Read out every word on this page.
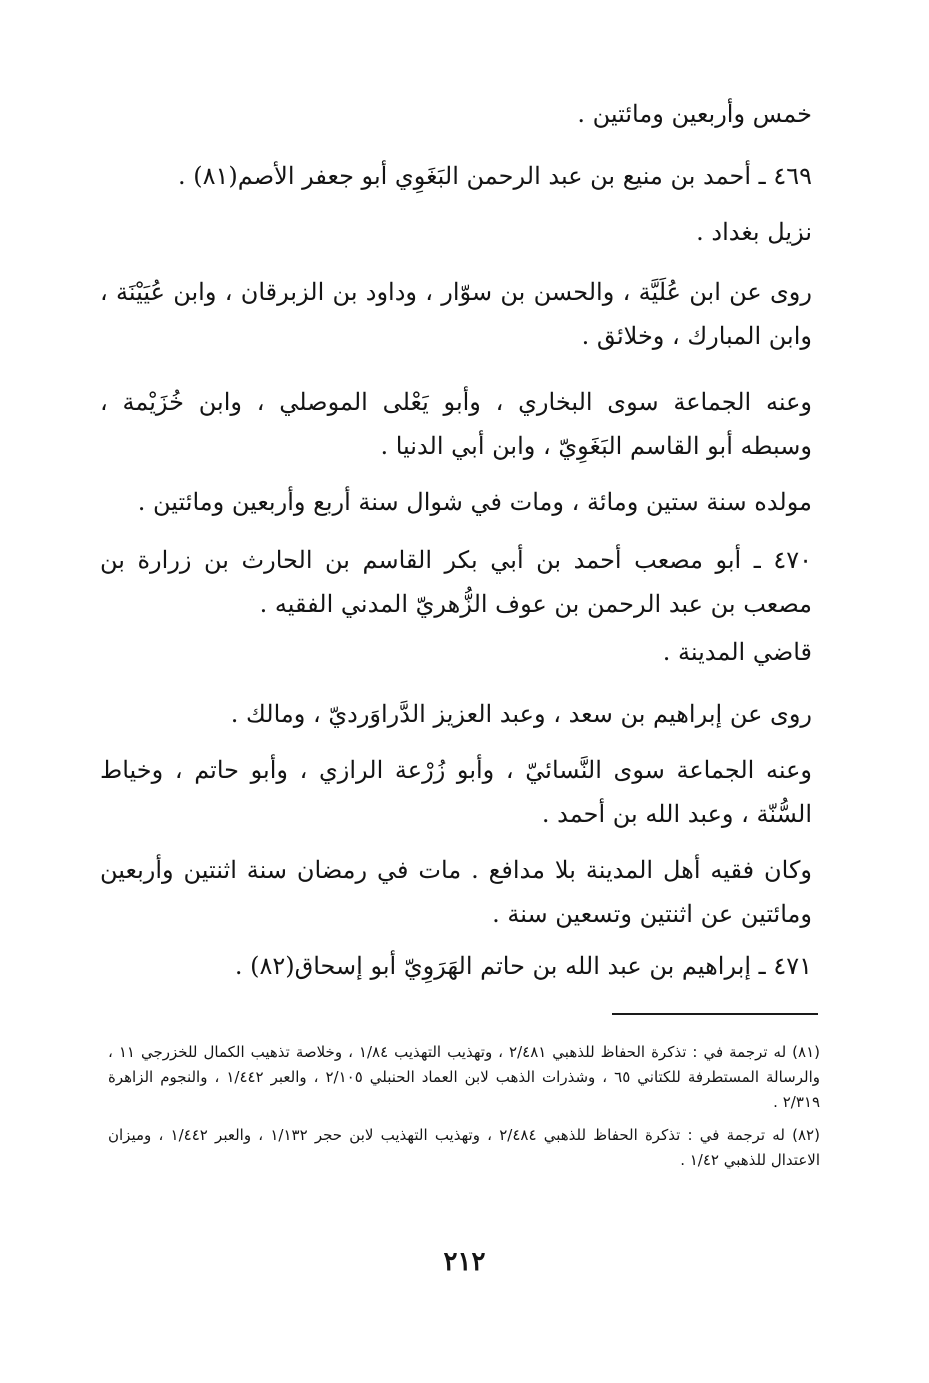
خمس وأربعين ومائتين .

٤٦٩ ـ أحمد بن منيع بن عبد الرحمن البَغَوِي أبو جعفر الأصم(٨١) .

نزيل بغداد .

روى عن ابن عُلَيَّة ، والحسن بن سوّار ، وداود بن الزبرقان ، وابن عُيَيْنَة ، وابن المبارك ، وخلائق .

وعنه الجماعة سوى البخاري ، وأبو يَعْلى الموصلي ، وابن خُزَيْمة ، وسبطه أبو القاسم البَغَوِيّ ، وابن أبي الدنيا .

مولده سنة ستين ومائة ، ومات في شوال سنة أربع وأربعين ومائتين .

٤٧٠ ـ أبو مصعب أحمد بن أبي بكر القاسم بن الحارث بن زرارة بن مصعب بن عبد الرحمن بن عوف الزُّهريّ المدني الفقيه .

قاضي المدينة .

روى عن إبراهيم بن سعد ، وعبد العزيز الدَّراوَرديّ ، ومالك .

وعنه الجماعة سوى النَّسائيّ ، وأبو زُرْعة الرازي ، وأبو حاتم ، وخياط السُّنّة ، وعبد الله بن أحمد .

وكان فقيه أهل المدينة بلا مدافع . مات في رمضان سنة اثنتين وأربعين ومائتين عن اثنتين وتسعين سنة .

٤٧١ ـ إبراهيم بن عبد الله بن حاتم الهَرَوِيّ أبو إسحاق(٨٢) .

(٨١) له ترجمة في : تذكرة الحفاظ للذهبي ٢/٤٨١ ، وتهذيب التهذيب ١/٨٤ ، وخلاصة تذهيب الكمال للخزرجي ١١ ، والرسالة المستطرفة للكتاني ٦٥ ، وشذرات الذهب لابن العماد الحنبلي ٢/١٠٥ ، والعبر ١/٤٤٢ ، والنجوم الزاهرة ٢/٣١٩ .

(٨٢) له ترجمة في : تذكرة الحفاظ للذهبي ٢/٤٨٤ ، وتهذيب التهذيب لابن حجر ١/١٣٢ ، والعبر ١/٤٤٢ ، وميزان الاعتدال للذهبي ١/٤٢ .

٢١٢
